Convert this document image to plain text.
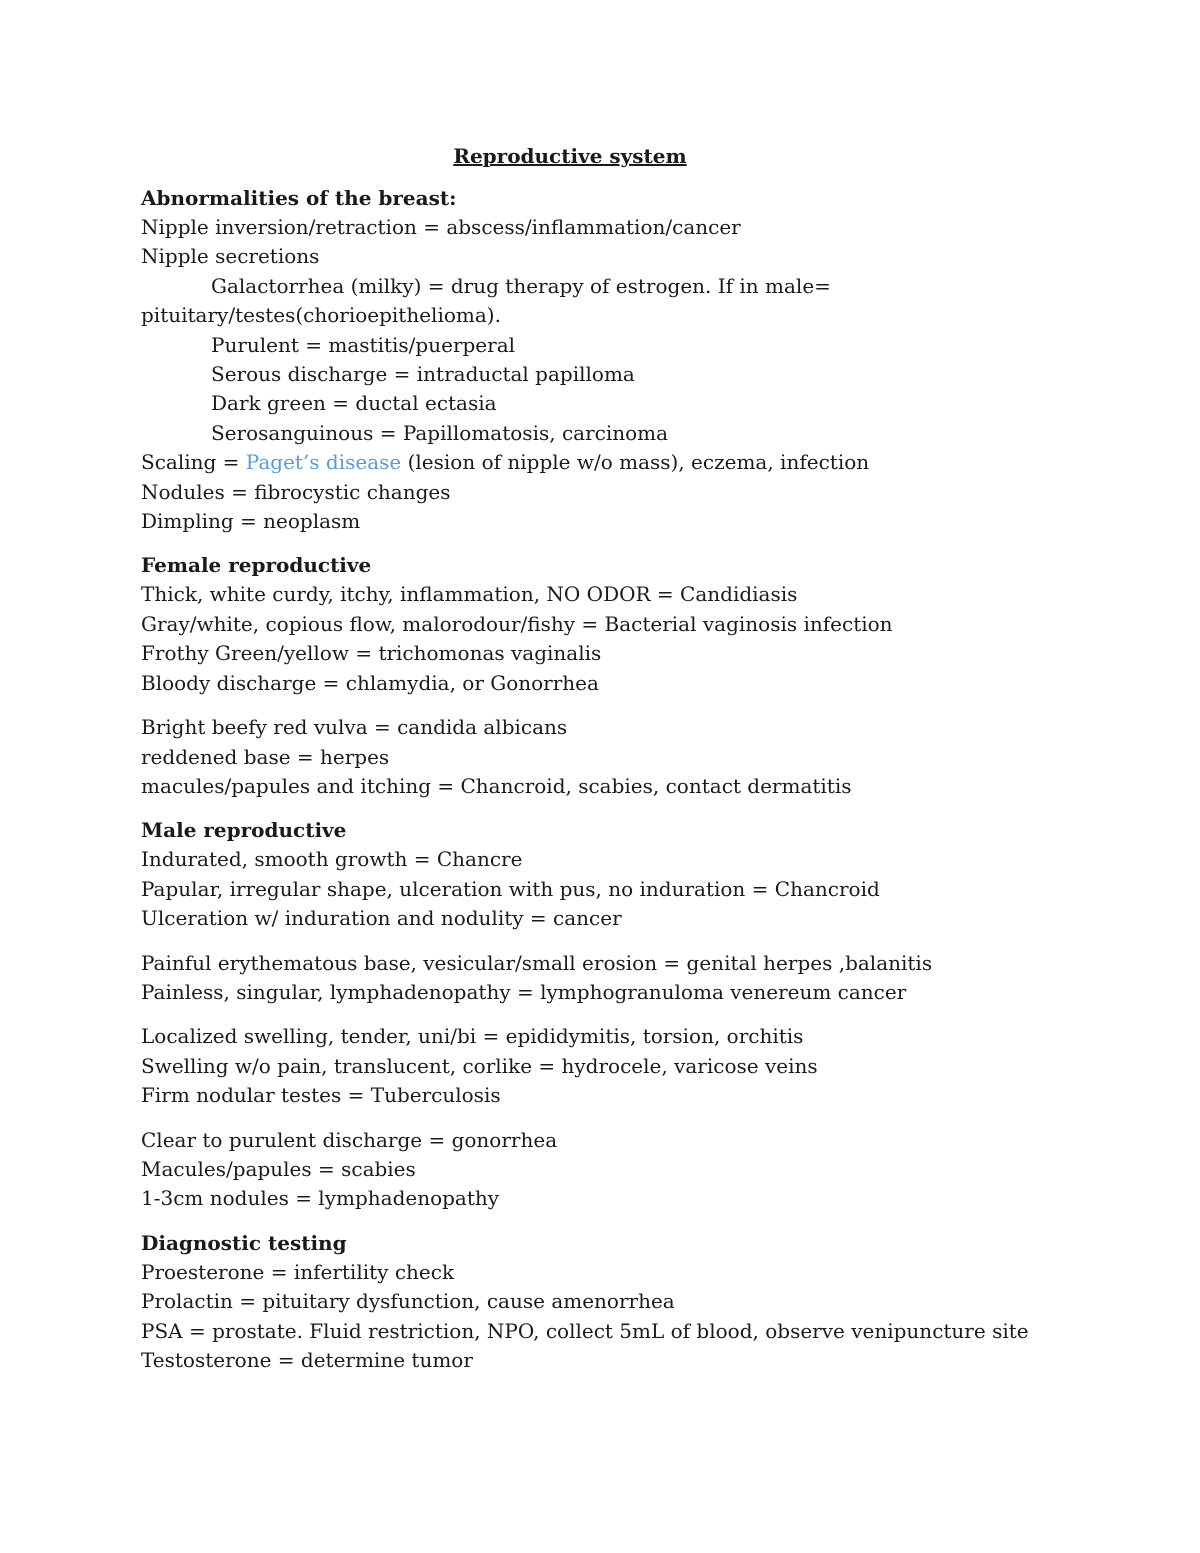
Reproductive system
Abnormalities of the breast:
Nipple inversion/retraction = abscess/inflammation/cancer
Nipple secretions
Galactorrhea (milky) = drug therapy of estrogen. If in male=
pituitary/testes(chorioepithelioma).
Purulent = mastitis/puerperal
Serous discharge = intraductal papilloma
Dark green = ductal ectasia
Serosanguinous = Papillomatosis, carcinoma
Scaling = Paget’s disease (lesion of nipple w/o mass), eczema, infection
Nodules = fibrocystic changes
Dimpling = neoplasm
Female reproductive
Thick, white curdy, itchy, inflammation, NO ODOR = Candidiasis
Gray/white, copious flow, malorodour/fishy = Bacterial vaginosis infection
Frothy Green/yellow = trichomonas vaginalis
Bloody discharge = chlamydia, or Gonorrhea
Bright beefy red vulva = candida albicans
reddened base = herpes
macules/papules and itching = Chancroid, scabies, contact dermatitis
Male reproductive
Indurated, smooth growth = Chancre
Papular, irregular shape, ulceration with pus, no induration = Chancroid
Ulceration w/ induration and nodulity = cancer
Painful erythematous base, vesicular/small erosion = genital herpes ,balanitis
Painless, singular, lymphadenopathy = lymphogranuloma venereum cancer
Localized swelling, tender, uni/bi = epididymitis, torsion, orchitis
Swelling w/o pain, translucent, corlike = hydrocele, varicose veins
Firm nodular testes = Tuberculosis
Clear to purulent discharge = gonorrhea
Macules/papules = scabies
1-3cm nodules = lymphadenopathy
Diagnostic testing
Proesterone = infertility check
Prolactin = pituitary dysfunction, cause amenorrhea
PSA = prostate. Fluid restriction, NPO, collect 5mL of blood, observe venipuncture site
Testosterone = determine tumor
